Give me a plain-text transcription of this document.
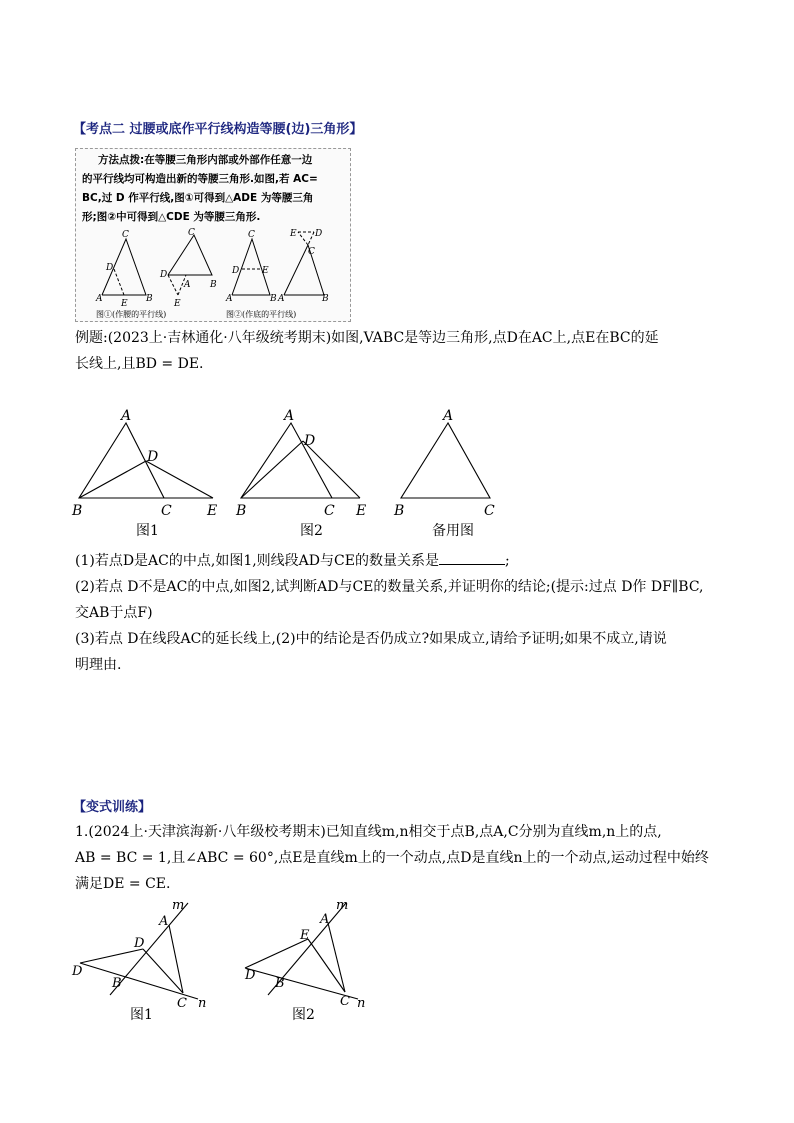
【考点二 过腰或底作平行线构造等腰(边)三角形】
方法点拨:在等腰三角形内部或外部作任意一边
的平行线均可构造出新的等腰三角形.如图,若 AC=
BC,过 D 作平行线,图①可得到△ADE 为等腰三角
形;图②中可得到△CDE 为等腰三角形.
C
D
A E B
C
D
A
E
B
C
D	E
A	B
E D
C
A	B
图①(作腰的平行线)	图②(作底的平行线)
例题:(2023上·吉林通化·八年级统考期末)如图,VABC是等边三角形,点D在AC上,点E在BC的延
长线上,且BD = DE.
A
B	C
D
E
A
B	C
D
E
A
B	C
图1	图2	备用图
(1)若点D是AC的中点,如图1,则线段AD与CE的数量关系是	;
(2)若点 D不是AC的中点,如图2,试判断AD与CE的数量关系,并证明你的结论;(提示:过点 D作 DF∥BC,
交AB于点F)
(3)若点 D在线段AC的延长线上,(2)中的结论是否仍成立?如果成立,请给予证明;如果不成立,请说
明理由.
【变式训练】
1.(2024上·天津滨海新·八年级校考期末)已知直线m,n相交于点B,点A,C分别为直线m,n上的点,
AB = BC = 1,且∠ABC = 60°,点E是直线m上的一个动点,点D是直线n上的一个动点,运动过程中始终
满足DE = CE.
m
A
D
D
B
C n
m
A
E
D
B
C n
图1	图2
